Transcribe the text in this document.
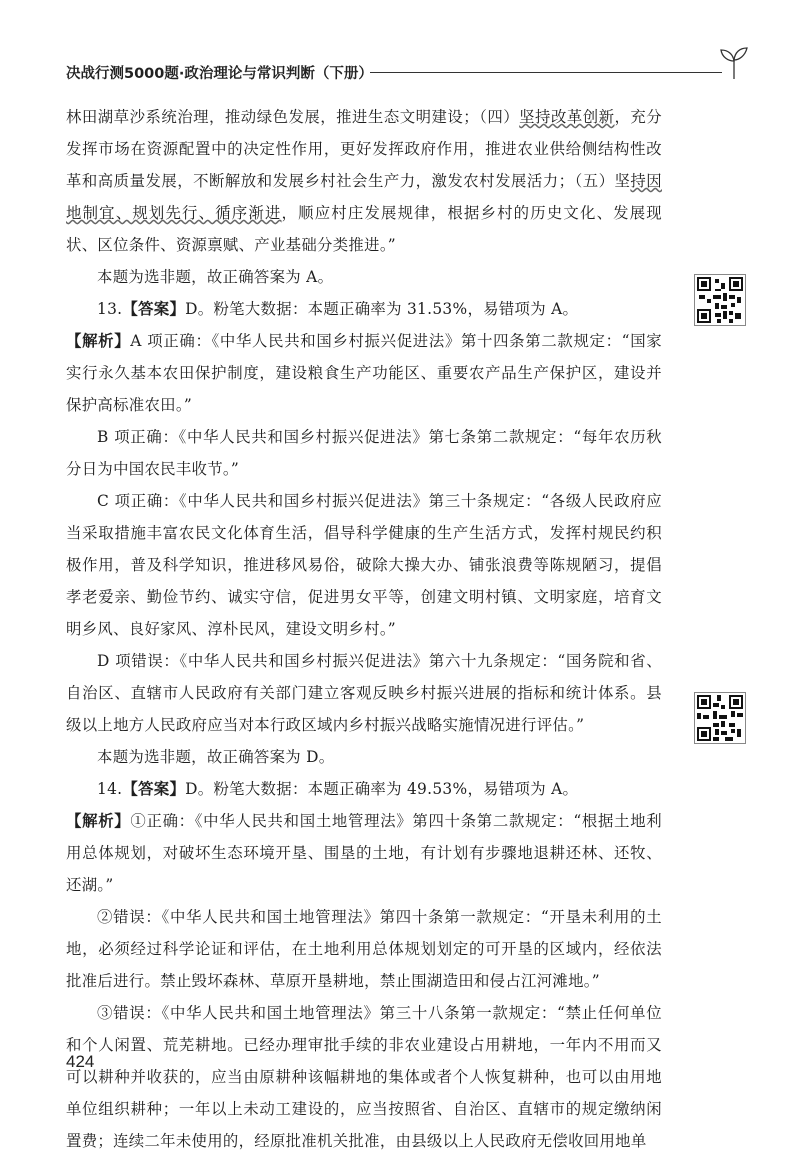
决战行测5000题·政治理论与常识判断（下册）

林田湖草沙系统治理，推动绿色发展，推进生态文明建设；（四）坚持改革创新，充分发挥市场在资源配置中的决定性作用，更好发挥政府作用，推进农业供给侧结构性改革和高质量发展，不断解放和发展乡村社会生产力，激发农村发展活力；（五）坚持因地制宜、规划先行、循序渐进，顺应村庄发展规律，根据乡村的历史文化、发展现状、区位条件、资源禀赋、产业基础分类推进。”

本题为选非题，故正确答案为 A。

13.【答案】D。粉笔大数据：本题正确率为 31.53%，易错项为 A。

【解析】A 项正确：《中华人民共和国乡村振兴促进法》第十四条第二款规定：“国家实行永久基本农田保护制度，建设粮食生产功能区、重要农产品生产保护区，建设并保护高标准农田。”

B 项正确：《中华人民共和国乡村振兴促进法》第七条第二款规定：“每年农历秋分日为中国农民丰收节。”

C 项正确：《中华人民共和国乡村振兴促进法》第三十条规定：“各级人民政府应当采取措施丰富农民文化体育生活，倡导科学健康的生产生活方式，发挥村规民约积极作用，普及科学知识，推进移风易俗，破除大操大办、铺张浪费等陈规陋习，提倡孝老爱亲、勤俭节约、诚实守信，促进男女平等，创建文明村镇、文明家庭，培育文明乡风、良好家风、淳朴民风，建设文明乡村。”

D 项错误：《中华人民共和国乡村振兴促进法》第六十九条规定：“国务院和省、自治区、直辖市人民政府有关部门建立客观反映乡村振兴进展的指标和统计体系。县级以上地方人民政府应当对本行政区域内乡村振兴战略实施情况进行评估。”

本题为选非题，故正确答案为 D。

14.【答案】D。粉笔大数据：本题正确率为 49.53%，易错项为 A。

【解析】①正确：《中华人民共和国土地管理法》第四十条第二款规定：“根据土地利用总体规划，对破坏生态环境开垦、围垦的土地，有计划有步骤地退耕还林、还牧、还湖。”

②错误：《中华人民共和国土地管理法》第四十条第一款规定：“开垦未利用的土地，必须经过科学论证和评估，在土地利用总体规划划定的可开垦的区域内，经依法批准后进行。禁止毁坏森林、草原开垦耕地，禁止围湖造田和侵占江河滩地。”

③错误：《中华人民共和国土地管理法》第三十八条第一款规定：“禁止任何单位和个人闲置、荒芜耕地。已经办理审批手续的非农业建设占用耕地，一年内不用而又可以耕种并收获的，应当由原耕种该幅耕地的集体或者个人恢复耕种，也可以由用地单位组织耕种；一年以上未动工建设的，应当按照省、自治区、直辖市的规定缴纳闲置费；连续二年未使用的，经原批准机关批准，由县级以上人民政府无偿收回用地单

424
